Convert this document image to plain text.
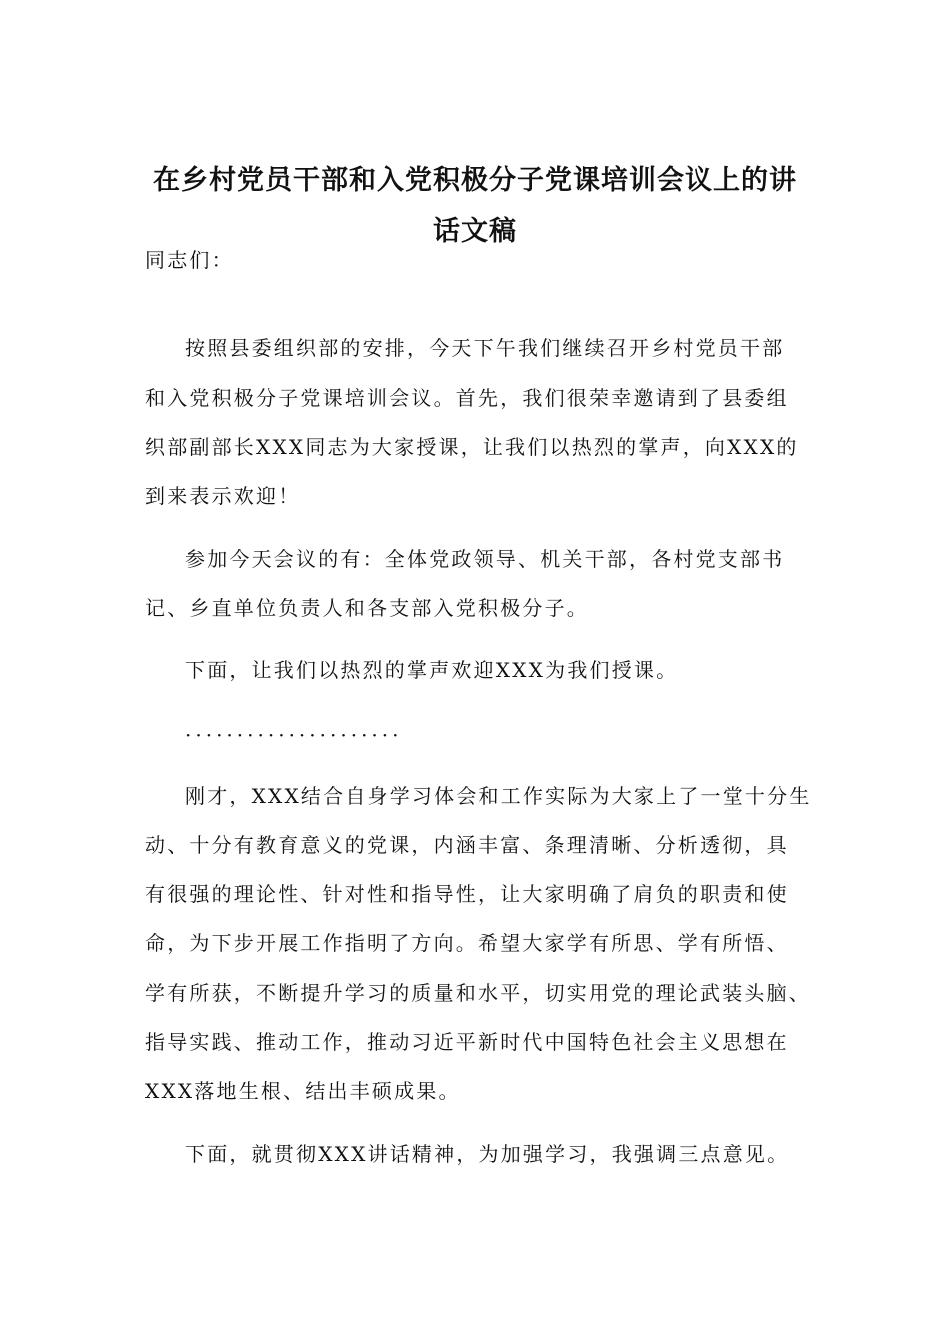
在乡村党员干部和入党积极分子党课培训会议上的讲
话文稿
同志们：
按照县委组织部的安排，今天下午我们继续召开乡村党员干部
和入党积极分子党课培训会议。首先，我们很荣幸邀请到了县委组
织部副部长XXX同志为大家授课，让我们以热烈的掌声，向XXX的
到来表示欢迎！
参加今天会议的有：全体党政领导、机关干部，各村党支部书
记、乡直单位负责人和各支部入党积极分子。
下面，让我们以热烈的掌声欢迎XXX为我们授课。
·····················
刚才，XXX结合自身学习体会和工作实际为大家上了一堂十分生
动、十分有教育意义的党课，内涵丰富、条理清晰、分析透彻，具
有很强的理论性、针对性和指导性，让大家明确了肩负的职责和使
命，为下步开展工作指明了方向。希望大家学有所思、学有所悟、
学有所获，不断提升学习的质量和水平，切实用党的理论武装头脑、
指导实践、推动工作，推动习近平新时代中国特色社会主义思想在
XXX落地生根、结出丰硕成果。
下面，就贯彻XXX讲话精神，为加强学习，我强调三点意见。
